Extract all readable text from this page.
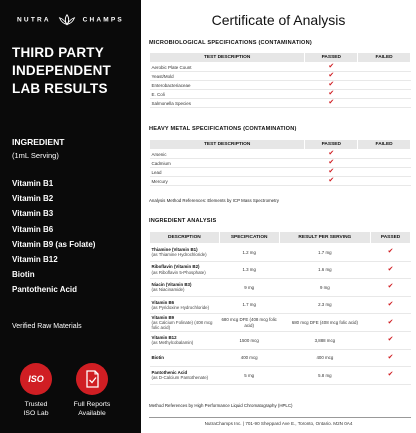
NUTRA	CHAMPS
THIRD PARTY
INDEPENDENT
LAB RESULTS
INGREDIENT
(1mL Serving)
Vitamin B1
Vitamin B2
Vitamin B3
Vitamin B6
Vitamin B9 (as Folate)
Vitamin B12
Biotin
Pantothenic Acid
Verified Raw Materials
ISO
Trusted
ISO Lab
Full Reports
Available
Certificate of Analysis
MICROBIOLOGICAL SPECIFICATIONS (CONTAMINATION)
TEST DESCRIPTION	PASSED	FAILED
Aerobic Plate Count	✔	
Yeast/Mold	✔	
Enterobacteriaceae	✔	
E. Coli	✔	
Salmonella Species	✔	
HEAVY METAL SPECIFICATIONS (CONTAMINATION)
TEST DESCRIPTION	PASSED	FAILED
Arsenic	✔	
Cadmium	✔	
Lead	✔	
Mercury	✔	
Analysis Method References: Elements by ICP Mass Spectrometry
INGREDIENT ANALYSIS
DESCRIPTION	SPECIFICATION	RESULT PER SERVING	PASSED

Thiamine (Vitamin B1)
(as Thiamine Hydrochloride)	1.2 mg	1.7 mg	✔

Riboflavin (Vitamin B2)
(as Riboflavin 5-Phosphate)	1.3 mg	1.6 mg	✔

Niacin (Vitamin B3)
(as Niacinamide)	9 mg	9 mg	✔

Vitamin B6
(as Pyridoxine Hydrochloride)	1.7 mg	2.3 mg	✔

Vitamin B9
(as Calcium Folinate) (408 mcg folic acid)	680 mcg DFE (408 mcg folic acid)	680 mcg DFE (408 mcg folic acid)	✔

Vitamin B12
(as Methylcobalamin)	1500 mcg	3,888 mcg	✔

Biotin	400 mcg	400 mcg	✔

Pantothenic Acid
(as D-Calcium Pantothenate)	5 mg	5.8 mg	✔
Method References by High Performance Liquid Chromatography (HPLC)
NutraChamps Inc. | 701-90 Sheppard Ave E., Toronto, Ontario. M2N 0A4
